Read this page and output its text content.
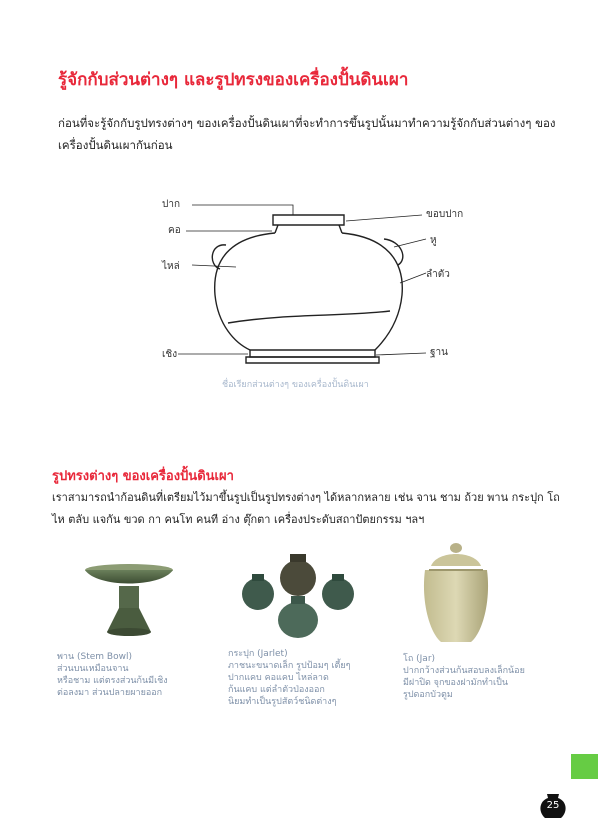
รู้จักกับส่วนต่างๆ และรูปทรงของเครื่องปั้นดินเผา
ก่อนที่จะรู้จักกับรูปทรงต่างๆ ของเครื่องปั้นดินเผาที่จะทำการขึ้นรูปนั้นมาทำความรู้จักกับส่วนต่างๆ ของเครื่องปั้นดินเผากันก่อน
ปาก
คอ
ไหล่
เชิง
ขอบปาก
หู
ลำตัว
ฐาน
ชื่อเรียกส่วนต่างๆ ของเครื่องปั้นดินเผา
รูปทรงต่างๆ ของเครื่องปั้นดินเผา
เราสามารถนำก้อนดินที่เตรียมไว้มาขึ้นรูปเป็นรูปทรงต่างๆ ได้หลากหลาย เช่น จาน ชาม ถ้วย พาน กระปุก โถ ไห ตลับ แจกัน ขวด กา คนโท คนที อ่าง ตุ๊กตา เครื่องประดับสถาปัตยกรรม ฯลฯ
พาน (Stem Bowl)
ส่วนบนเหมือนจาน
หรือชาม แต่ตรงส่วนก้นมีเชิง
ต่อลงมา ส่วนปลายผายออก
กระปุก (Jarlet)
ภาชนะขนาดเล็ก รูปป้อมๆ เตี้ยๆ
ปากแคบ คอแคบ ไหล่ลาด
ก้นแคบ แต่ลำตัวป่องออก
นิยมทำเป็นรูปสัตว์ชนิดต่างๆ
โถ (Jar)
ปากกว้างส่วนก้นสอบลงเล็กน้อย
มีฝาปิด จุกของฝามักทำเป็น
รูปดอกบัวตูม
25
